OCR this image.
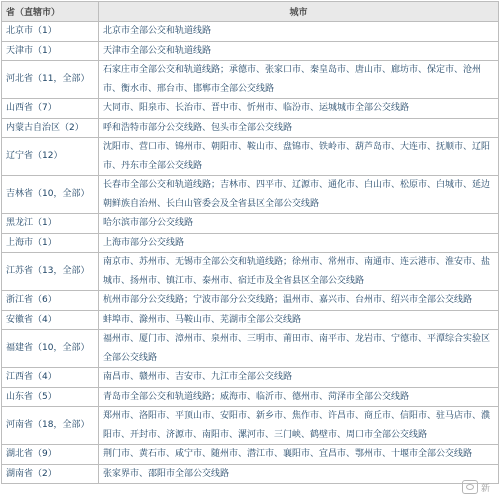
省（直辖市）	城市
北京市（1）	北京市全部公交和轨道线路
天津市（1）	天津市全部公交和轨道线路
河北省（11，全部）	石家庄市全部公交和轨道线路；承德市、张家口市、秦皇岛市、唐山市、廊坊市、保定市、沧州市、衡水市、邢台市、邯郸市全部公交线路
山西省（7）	大同市、阳泉市、长治市、晋中市、忻州市、临汾市、运城城市全部公交线路
内蒙古自治区（2）	呼和浩特市部分公交线路、包头市全部公交线路
辽宁省（12）	沈阳市、营口市、锦州市、朝阳市、鞍山市、盘锦市、铁岭市、葫芦岛市、大连市、抚顺市、辽阳市、丹东市全部公交线路
吉林省（10，全部）	长春市全部公交和轨道线路；吉林市、四平市、辽源市、通化市、白山市、松原市、白城市、延边朝鲜族自治州、长白山管委会及全省县区全部公交线路
黑龙江（1）	哈尔滨市部分公交线路
上海市（1）	上海市部分公交线路
江苏省（13，全部）	南京市、苏州市、无锡市全部公交和轨道线路；徐州市、常州市、南通市、连云港市、淮安市、盐城市、扬州市、镇江市、泰州市、宿迁市及全省县区全部公交线路
浙江省（6）	杭州市部分公交线路；宁波市部分公交线路；温州市、嘉兴市、台州市、绍兴市全部公交线路
安徽省（4）	蚌埠市、滁州市、马鞍山市、芜湖市全部公交线路
福建省（10，全部）	福州市、厦门市、漳州市、泉州市、三明市、莆田市、南平市、龙岩市、宁德市、平潭综合实验区全部公交线路
江西省（4）	南昌市、赣州市、吉安市、九江市全部公交线路
山东省（5）	青岛市全部公交和轨道线路；威海市、临沂市、德州市、菏泽市全部公交线路
河南省（18，全部）	郑州市、洛阳市、平顶山市、安阳市、新乡市、焦作市、许昌市、商丘市、信阳市、驻马店市、濮阳市、开封市、济源市、南阳市、漯河市、三门峡、鹤壁市、周口市全部公交线路
湖北省（9）	荆门市、黄石市、咸宁市、随州市、潜江市、襄阳市、宜昌市、鄂州市、十堰市全部公交线路
湖南省（2）	张家界市、邵阳市全部公交线路
新
